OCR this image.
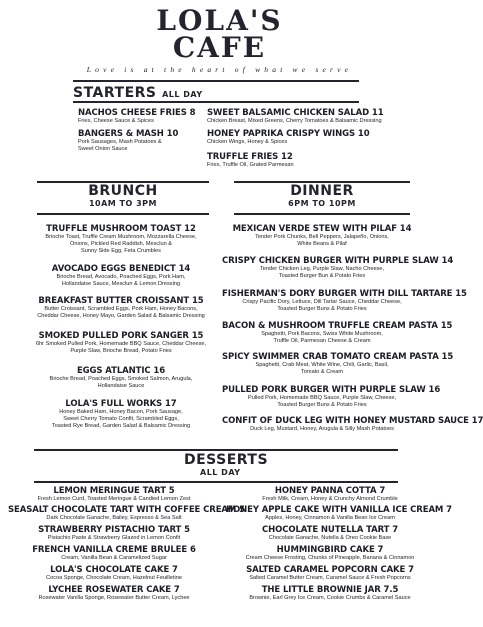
LOLA'S
CAFE
Love is at the heart of what we serve
STARTERS ALL DAY
NACHOS CHEESE FRIES 8
Fries, Cheese Sauce & Spices
BANGERS & MASH 10
Pork Sausages, Mash Potatoes &
Sweet Onion Sauce
SWEET BALSAMIC CHICKEN SALAD 11
Chicken Breast, Mixed Greens, Cherry Tomatoes & Balsamic Dressing
HONEY PAPRIKA CRISPY WINGS 10
Chicken Wings, Honey & Spices
TRUFFLE FRIES 12
Fries, Truffle Oil, Grated Parmesan
BRUNCH
10AM TO 3PM
DINNER
6PM TO 10PM
TRUFFLE MUSHROOM TOAST 12
Brioche Toast, Truffle Cream Mushroom, Mozzarella Cheese,
Onions, Pickled Red Raddish, Mesclun &
Sunny Side Egg, Feta Crumbles
AVOCADO EGGS BENEDICT 14
Brioche Bread, Avocado, Poached Eggs, Pork Ham,
Hollandaise Sauce, Mesclun & Lemon Dressing
BREAKFAST BUTTER CROISSANT 15
Butter Croissant, Scrambled Eggs, Pork Ham, Honey Bacons,
Cheddar Cheese, Honey Mayo, Garden Salad & Balsamic Dressing
SMOKED PULLED PORK SANGER 15
6hr Smoked Pulled Pork, Homemade BBQ Sauce, Cheddar Cheese,
Purple Slaw, Brioche Bread, Potato Fries
EGGS ATLANTIC 16
Brioche Bread, Poached Eggs, Smoked Salmon, Arugula,
Hollandaise Sauce
LOLA'S FULL WORKS 17
Honey Baked Ham, Honey Bacon, Pork Sausage,
Sweet Cherry Tomato Confit, Scrambled Eggs,
Toasted Rye Bread, Garden Salad & Balsamic Dressing
MEXICAN VERDE STEW WITH PILAF 14
Tender Pork Chunks, Bell Peppers, Jalapeño, Onions,
White Beans & Pilaf
CRISPY CHICKEN BURGER WITH PURPLE SLAW 14
Tender Chicken Leg, Purple Slaw, Nacho Cheese,
Toasted Burger Bun & Potato Fries
FISHERMAN'S DORY BURGER WITH DILL TARTARE 15
Crispy Pacific Dory, Lettuce, Dill Tartar Sauce, Cheddar Cheese,
Toasted Burger Buns & Potato Fries
BACON & MUSHROOM TRUFFLE CREAM PASTA 15
Spaghetti, Pork Bacons, Swiss White Mushroom,
Truffle Oil, Parmesan Cheese & Cream
SPICY SWIMMER CRAB TOMATO CREAM PASTA 15
Spaghetti, Crab Meat, White Wine, Chili, Garlic, Basil,
Tomato & Cream
PULLED PORK BURGER WITH PURPLE SLAW 16
Pulled Pork, Homemade BBQ Sauce, Purple Slaw, Cheese,
Toasted Burger Buns & Potato Fries
CONFIT OF DUCK LEG WITH HONEY MUSTARD SAUCE 17
Duck Leg, Mustard, Honey, Arugula & Silly Mash Potatoes
DESSERTS
ALL DAY
LEMON MERINGUE TART 5
Fresh Lemon Curd, Toasted Meringue & Candied Lemon Zest
SEASALT CHOCOLATE TART WITH COFFEE CREAM 5
Dark Chocolate Ganache, Bailey, Espresso & Sea Salt
STRAWBERRY PISTACHIO TART 5
Pistachio Paste & Strawberry Glazed in Lemon Confit
FRENCH VANILLA CREME BRULEE 6
Cream, Vanilla Bean & Caramelized Sugar
LOLA'S CHOCOLATE CAKE 7
Cocoa Sponge, Chocolate Cream, Hazelnut Feuilletine
LYCHEE ROSEWATER CAKE 7
Rosewater Vanilla Sponge, Rosewater Butter Cream, Lychee
HONEY PANNA COTTA 7
Fresh Milk, Cream, Honey & Crunchy Almond Crumble
HONEY APPLE CAKE WITH VANILLA ICE CREAM 7
Apples, Honey, Cinnamon & Vanilla Bean Ice Cream
CHOCOLATE NUTELLA TART 7
Chocolate Ganache, Nutella & Oreo Cookie Base
HUMMINGBIRD CAKE 7
Cream Cheese Frosting, Chunks of Pineapple, Banana & Cinnamon
SALTED CARAMEL POPCORN CAKE 7
Salted Caramel Butter Cream, Caramel Sauce & Fresh Popcorns
THE LITTLE BROWNIE JAR 7.5
Brownie, Earl Grey Ice Cream, Cookie Crumbs & Caramel Sauce
